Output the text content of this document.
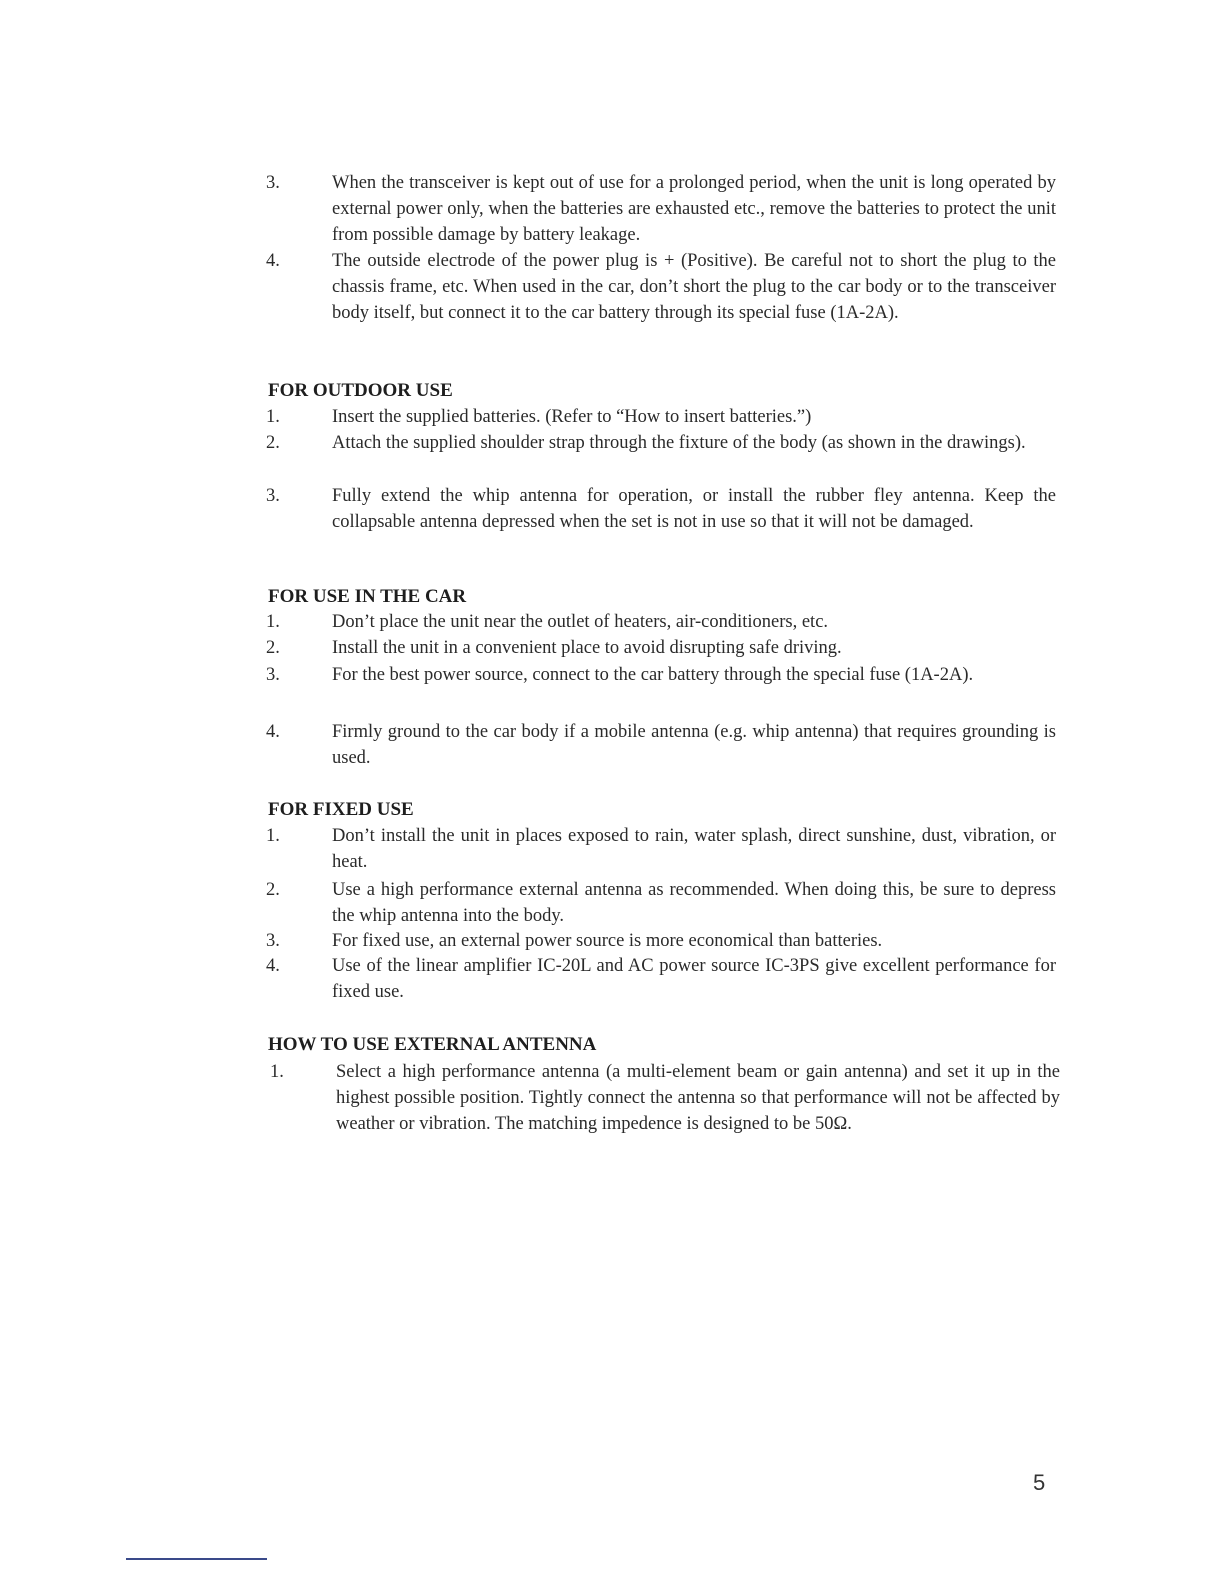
3.	When the transceiver is kept out of use for a prolonged period, when the unit is long operated by external power only, when the batteries are exhausted etc., remove the batteries to protect the unit from possible damage by battery leakage.
4.	The outside electrode of the power plug is + (Positive). Be careful not to short the plug to the chassis frame, etc. When used in the car, don’t short the plug to the car body or to the transceiver body itself, but connect it to the car battery through its special fuse (1A-2A).
FOR OUTDOOR USE
1.	Insert the supplied batteries. (Refer to “How to insert batteries.”)
2.	Attach the supplied shoulder strap through the fixture of the body (as shown in the drawings).
3.	Fully extend the whip antenna for operation, or install the rubber fley antenna. Keep the collapsable antenna depressed when the set is not in use so that it will not be damaged.
FOR USE IN THE CAR
1.	Don’t place the unit near the outlet of heaters, air-conditioners, etc.
2.	Install the unit in a convenient place to avoid disrupting safe driving.
3.	For the best power source, connect to the car battery through the special fuse (1A-2A).
4.	Firmly ground to the car body if a mobile antenna (e.g. whip antenna) that requires grounding is used.
FOR FIXED USE
1.	Don’t install the unit in places exposed to rain, water splash, direct sunshine, dust, vibration, or heat.
2.	Use a high performance external antenna as recommended. When doing this, be sure to depress the whip antenna into the body.
3.	For fixed use, an external power source is more economical than batteries.
4.	Use of the linear amplifier IC-20L and AC power source IC-3PS give excellent performance for fixed use.
HOW TO USE EXTERNAL ANTENNA
1.	Select a high performance antenna (a multi-element beam or gain antenna) and set it up in the highest possible position. Tightly connect the antenna so that performance will not be affected by weather or vibration. The matching impedence is designed to be 50Ω.
5
